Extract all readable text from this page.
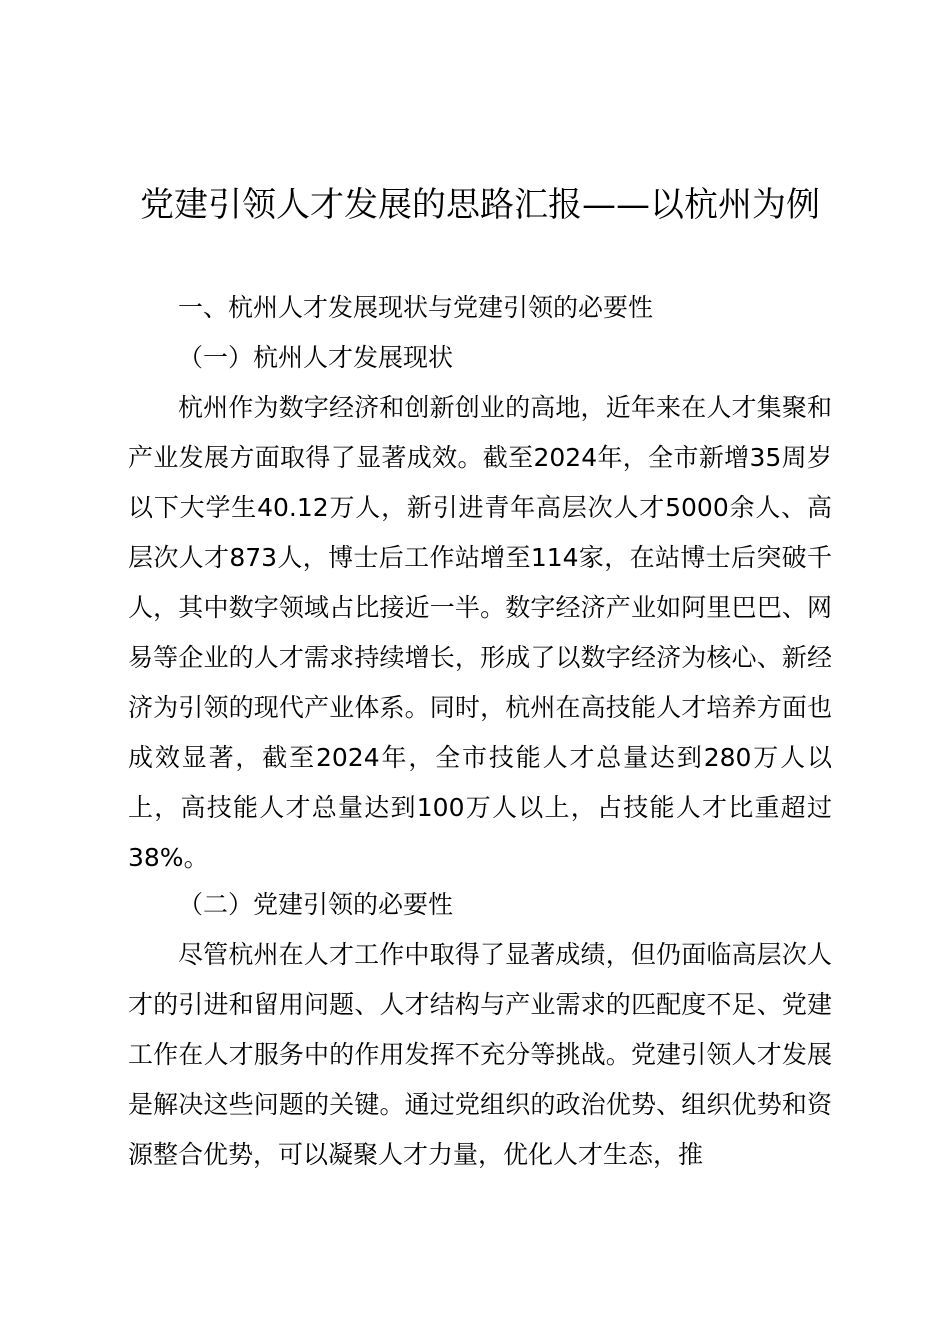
党建引领人才发展的思路汇报——以杭州为例

一、杭州人才发展现状与党建引领的必要性

（一）杭州人才发展现状

杭州作为数字经济和创新创业的高地，近年来在人才集聚和产业发展方面取得了显著成效。截至2024年，全市新增35周岁以下大学生40.12万人，新引进青年高层次人才5000余人、高层次人才873人，博士后工作站增至114家，在站博士后突破千人，其中数字领域占比接近一半。数字经济产业如阿里巴巴、网易等企业的人才需求持续增长，形成了以数字经济为核心、新经济为引领的现代产业体系。同时，杭州在高技能人才培养方面也成效显著，截至2024年，全市技能人才总量达到280万人以上，高技能人才总量达到100万人以上，占技能人才比重超过38%。

（二）党建引领的必要性

尽管杭州在人才工作中取得了显著成绩，但仍面临高层次人才的引进和留用问题、人才结构与产业需求的匹配度不足、党建工作在人才服务中的作用发挥不充分等挑战。党建引领人才发展是解决这些问题的关键。通过党组织的政治优势、组织优势和资源整合优势，可以凝聚人才力量，优化人才生态，推
